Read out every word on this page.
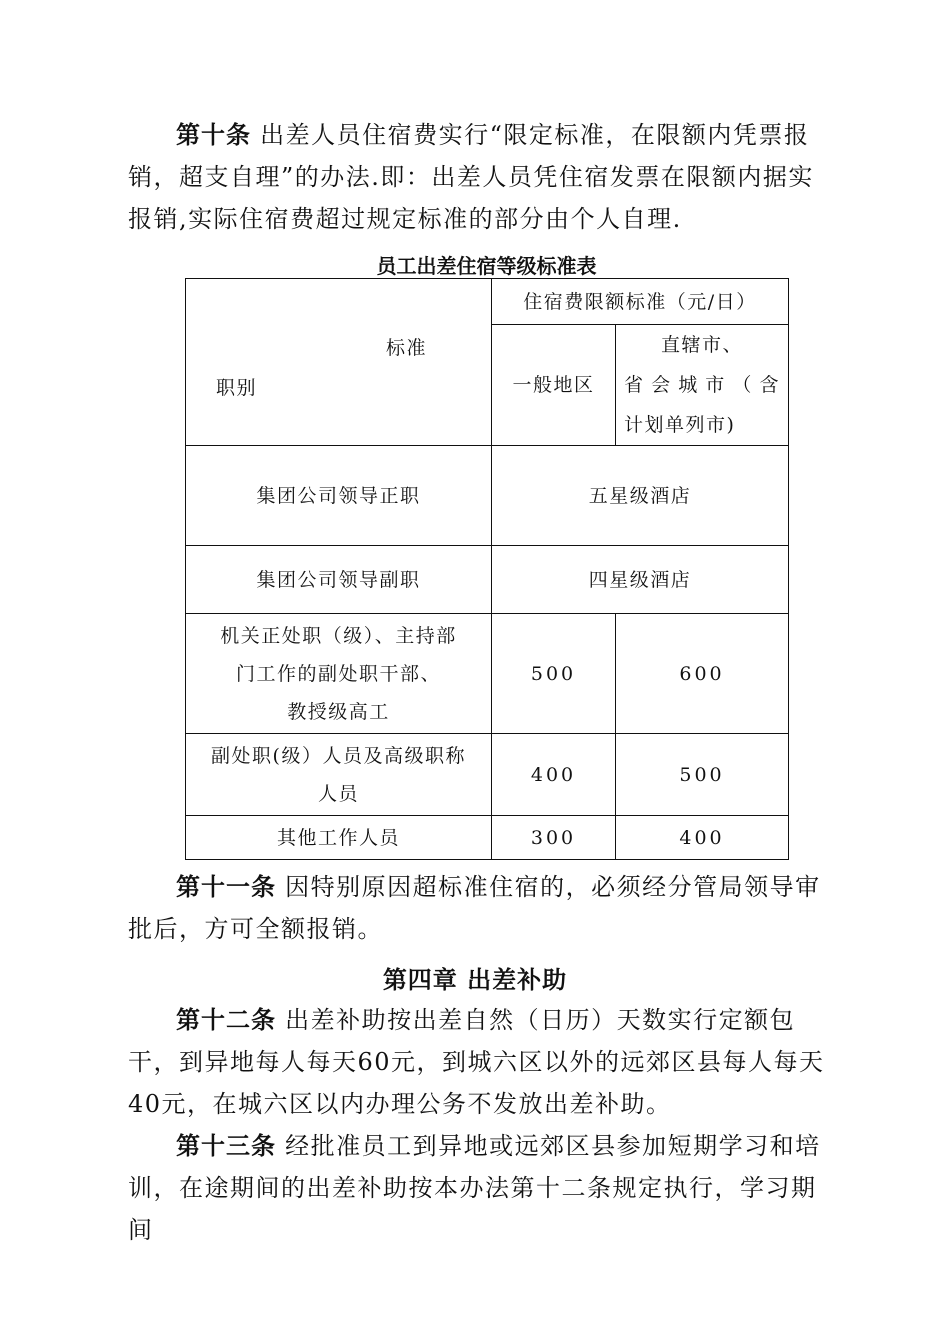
第十条 出差人员住宿费实行“限定标准，在限额内凭票报销，超支自理”的办法.即：出差人员凭住宿发票在限额内据实报销,实际住宿费超过规定标准的部分由个人自理.

员工出差住宿等级标准表
标准
职别	住宿费限额标准（元/日）	
	一般地区	直辖市、
省会城市（含
计划单列市)

集团公司领导正职	五星级酒店	
集团公司领导副职	四星级酒店	

机关正处职（级）、主持部
门工作的副处职干部、
教授级高工	500	600

副处职(级）人员及高级职称
人员	400	500
其他工作人员	300	400

第十一条 因特别原因超标准住宿的，必须经分管局领导审批后，方可全额报销。

第四章 出差补助

第十二条 出差补助按出差自然（日历）天数实行定额包干，到异地每人每天60元，到城六区以外的远郊区县每人每天40元，在城六区以内办理公务不发放出差补助。

第十三条 经批准员工到异地或远郊区县参加短期学习和培训，在途期间的出差补助按本办法第十二条规定执行，学习期间
